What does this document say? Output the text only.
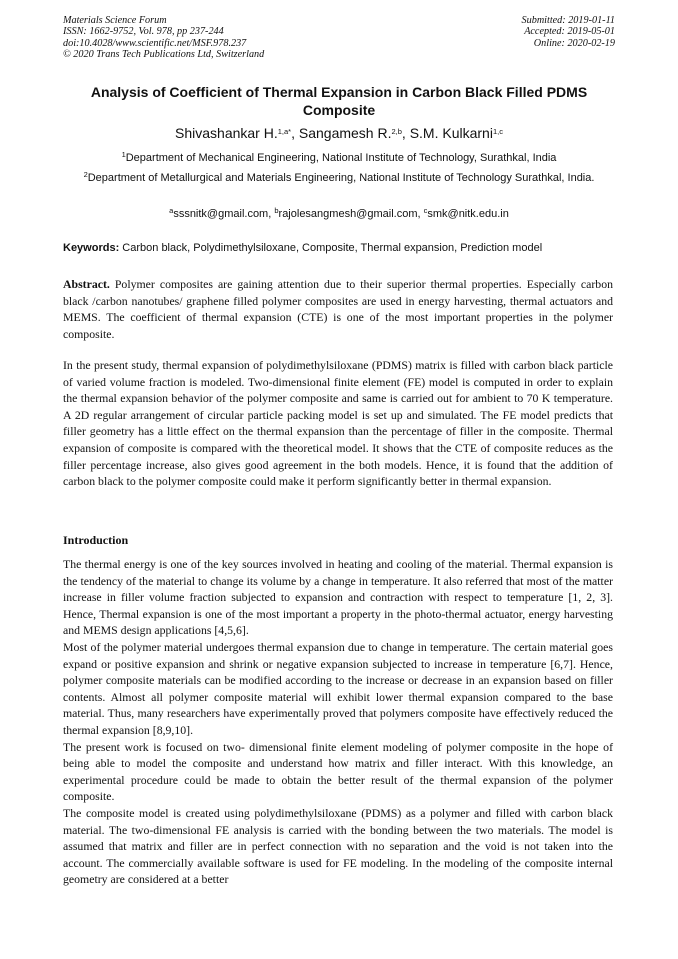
Materials Science Forum
ISSN: 1662-9752, Vol. 978, pp 237-244
doi:10.4028/www.scientific.net/MSF.978.237
© 2020 Trans Tech Publications Ltd, Switzerland
Submitted: 2019-01-11
Accepted: 2019-05-01
Online: 2020-02-19
Analysis of Coefficient of Thermal Expansion in Carbon Black Filled PDMS Composite
Shivashankar H.$^{1,a*}$, Sangamesh R.$^{2,b}$, S.M. Kulkarni$^{1,c}$
$^1$Department of Mechanical Engineering, National Institute of Technology, Surathkal, India
$^2$Department of Metallurgical and Materials Engineering, National Institute of Technology Surathkal, India.
$^a$sssnitk@gmail.com, $^b$rajolesangmesh@gmail.com, $^c$smk@nitk.edu.in
Keywords: Carbon black, Polydimethylsiloxane, Composite, Thermal expansion, Prediction model
Abstract. Polymer composites are gaining attention due to their superior thermal properties. Especially carbon black /carbon nanotubes/ graphene filled polymer composites are used in energy harvesting, thermal actuators and MEMS. The coefficient of thermal expansion (CTE) is one of the most important properties in the polymer composite.
In the present study, thermal expansion of polydimethylsiloxane (PDMS) matrix is filled with carbon black particle of varied volume fraction is modeled. Two-dimensional finite element (FE) model is computed in order to explain the thermal expansion behavior of the polymer composite and same is carried out for ambient to 70 K temperature. A 2D regular arrangement of circular particle packing model is set up and simulated. The FE model predicts that filler geometry has a little effect on the thermal expansion than the percentage of filler in the composite. Thermal expansion of composite is compared with the theoretical model. It shows that the CTE of composite reduces as the filler percentage increase, also gives good agreement in the both models. Hence, it is found that the addition of carbon black to the polymer composite could make it perform significantly better in thermal expansion.
Introduction

The thermal energy is one of the key sources involved in heating and cooling of the material. Thermal expansion is the tendency of the material to change its volume by a change in temperature. It also referred that most of the matter increase in filler volume fraction subjected to expansion and contraction with respect to temperature [1, 2, 3]. Hence, Thermal expansion is one of the most important a property in the photo-thermal actuator, energy harvesting and MEMS design applications [4,5,6].

Most of the polymer material undergoes thermal expansion due to change in temperature. The certain material goes expand or positive expansion and shrink or negative expansion subjected to increase in temperature [6,7]. Hence, polymer composite materials can be modified according to the increase or decrease in an expansion based on filler contents. Almost all polymer composite material will exhibit lower thermal expansion compared to the base material. Thus, many researchers have experimentally proved that polymers composite have effectively reduced the thermal expansion [8,9,10].

The present work is focused on two- dimensional finite element modeling of polymer composite in the hope of being able to model the composite and understand how matrix and filler interact. With this knowledge, an experimental procedure could be made to obtain the better result of the thermal expansion of the polymer composite.

The composite model is created using polydimethylsiloxane (PDMS) as a polymer and filled with carbon black material. The two-dimensional FE analysis is carried with the bonding between the two materials. The model is assumed that matrix and filler are in perfect connection with no separation and the void is not taken into the account. The commercially available software is used for FE modeling. In the modeling of the composite internal geometry are considered at a better
